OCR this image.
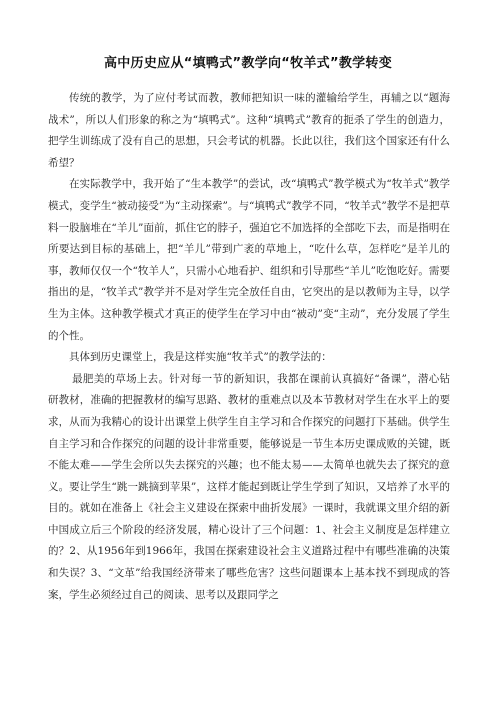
高中历史应从“填鸭式”教学向“牧羊式”教学转变

传统的教学，为了应付考试而教，教师把知识一味的灌输给学生，再辅之以“题海战术”，所以人们形象的称之为“填鸭式”。这种“填鸭式”教育的扼杀了学生的创造力，把学生训练成了没有自己的思想，只会考试的机器。长此以往，我们这个国家还有什么希望？

在实际教学中，我开始了“生本教学”的尝试，改“填鸭式”教学模式为“牧羊式”教学模式，变学生“被动接受”为“主动探索”。与“填鸭式”教学不同，“牧羊式”教学不是把草料一股脑堆在“羊儿”面前，抓住它的脖子，强迫它不加选择的全部吃下去，而是指明在所要达到目标的基础上，把“羊儿”带到广袤的草地上，“吃什么草，怎样吃”是羊儿的事，教师仅仅一个“牧羊人”，只需小心地看护、组织和引导那些“羊儿”吃饱吃好。需要指出的是，“牧羊式”教学并不是对学生完全放任自由，它突出的是以教师为主导，以学生为主体。这种教学模式才真正的使学生在学习中由“被动”变“主动”，充分发展了学生的个性。

具体到历史课堂上，我是这样实施“牧羊式”的教学法的：

最肥美的草场上去。针对每一节的新知识，我都在课前认真搞好“备课”，潜心钻研教材，准确的把握教材的编写思路、教材的重难点以及本节教材对学生在水平上的要求，从而为我精心的设计出课堂上供学生自主学习和合作探究的问题打下基础。供学生自主学习和合作探究的问题的设计非常重要，能够说是一节生本历史课成败的关键，既不能太难——学生会所以失去探究的兴趣；也不能太易——太简单也就失去了探究的意义。要让学生“跳一跳摘到苹果”，这样才能起到既让学生学到了知识，又培养了水平的目的。就如在准备上《社会主义建设在探索中曲折发展》一课时，我就课文里介绍的新中国成立后三个阶段的经济发展，精心设计了三个问题：1、社会主义制度是怎样建立的？2、从1956年到1966年，我国在探索建设社会主义道路过程中有哪些准确的决策和失误？3、“文革”给我国经济带来了哪些危害？这些问题课本上基本找不到现成的答案，学生必须经过自己的阅读、思考以及跟同学之
